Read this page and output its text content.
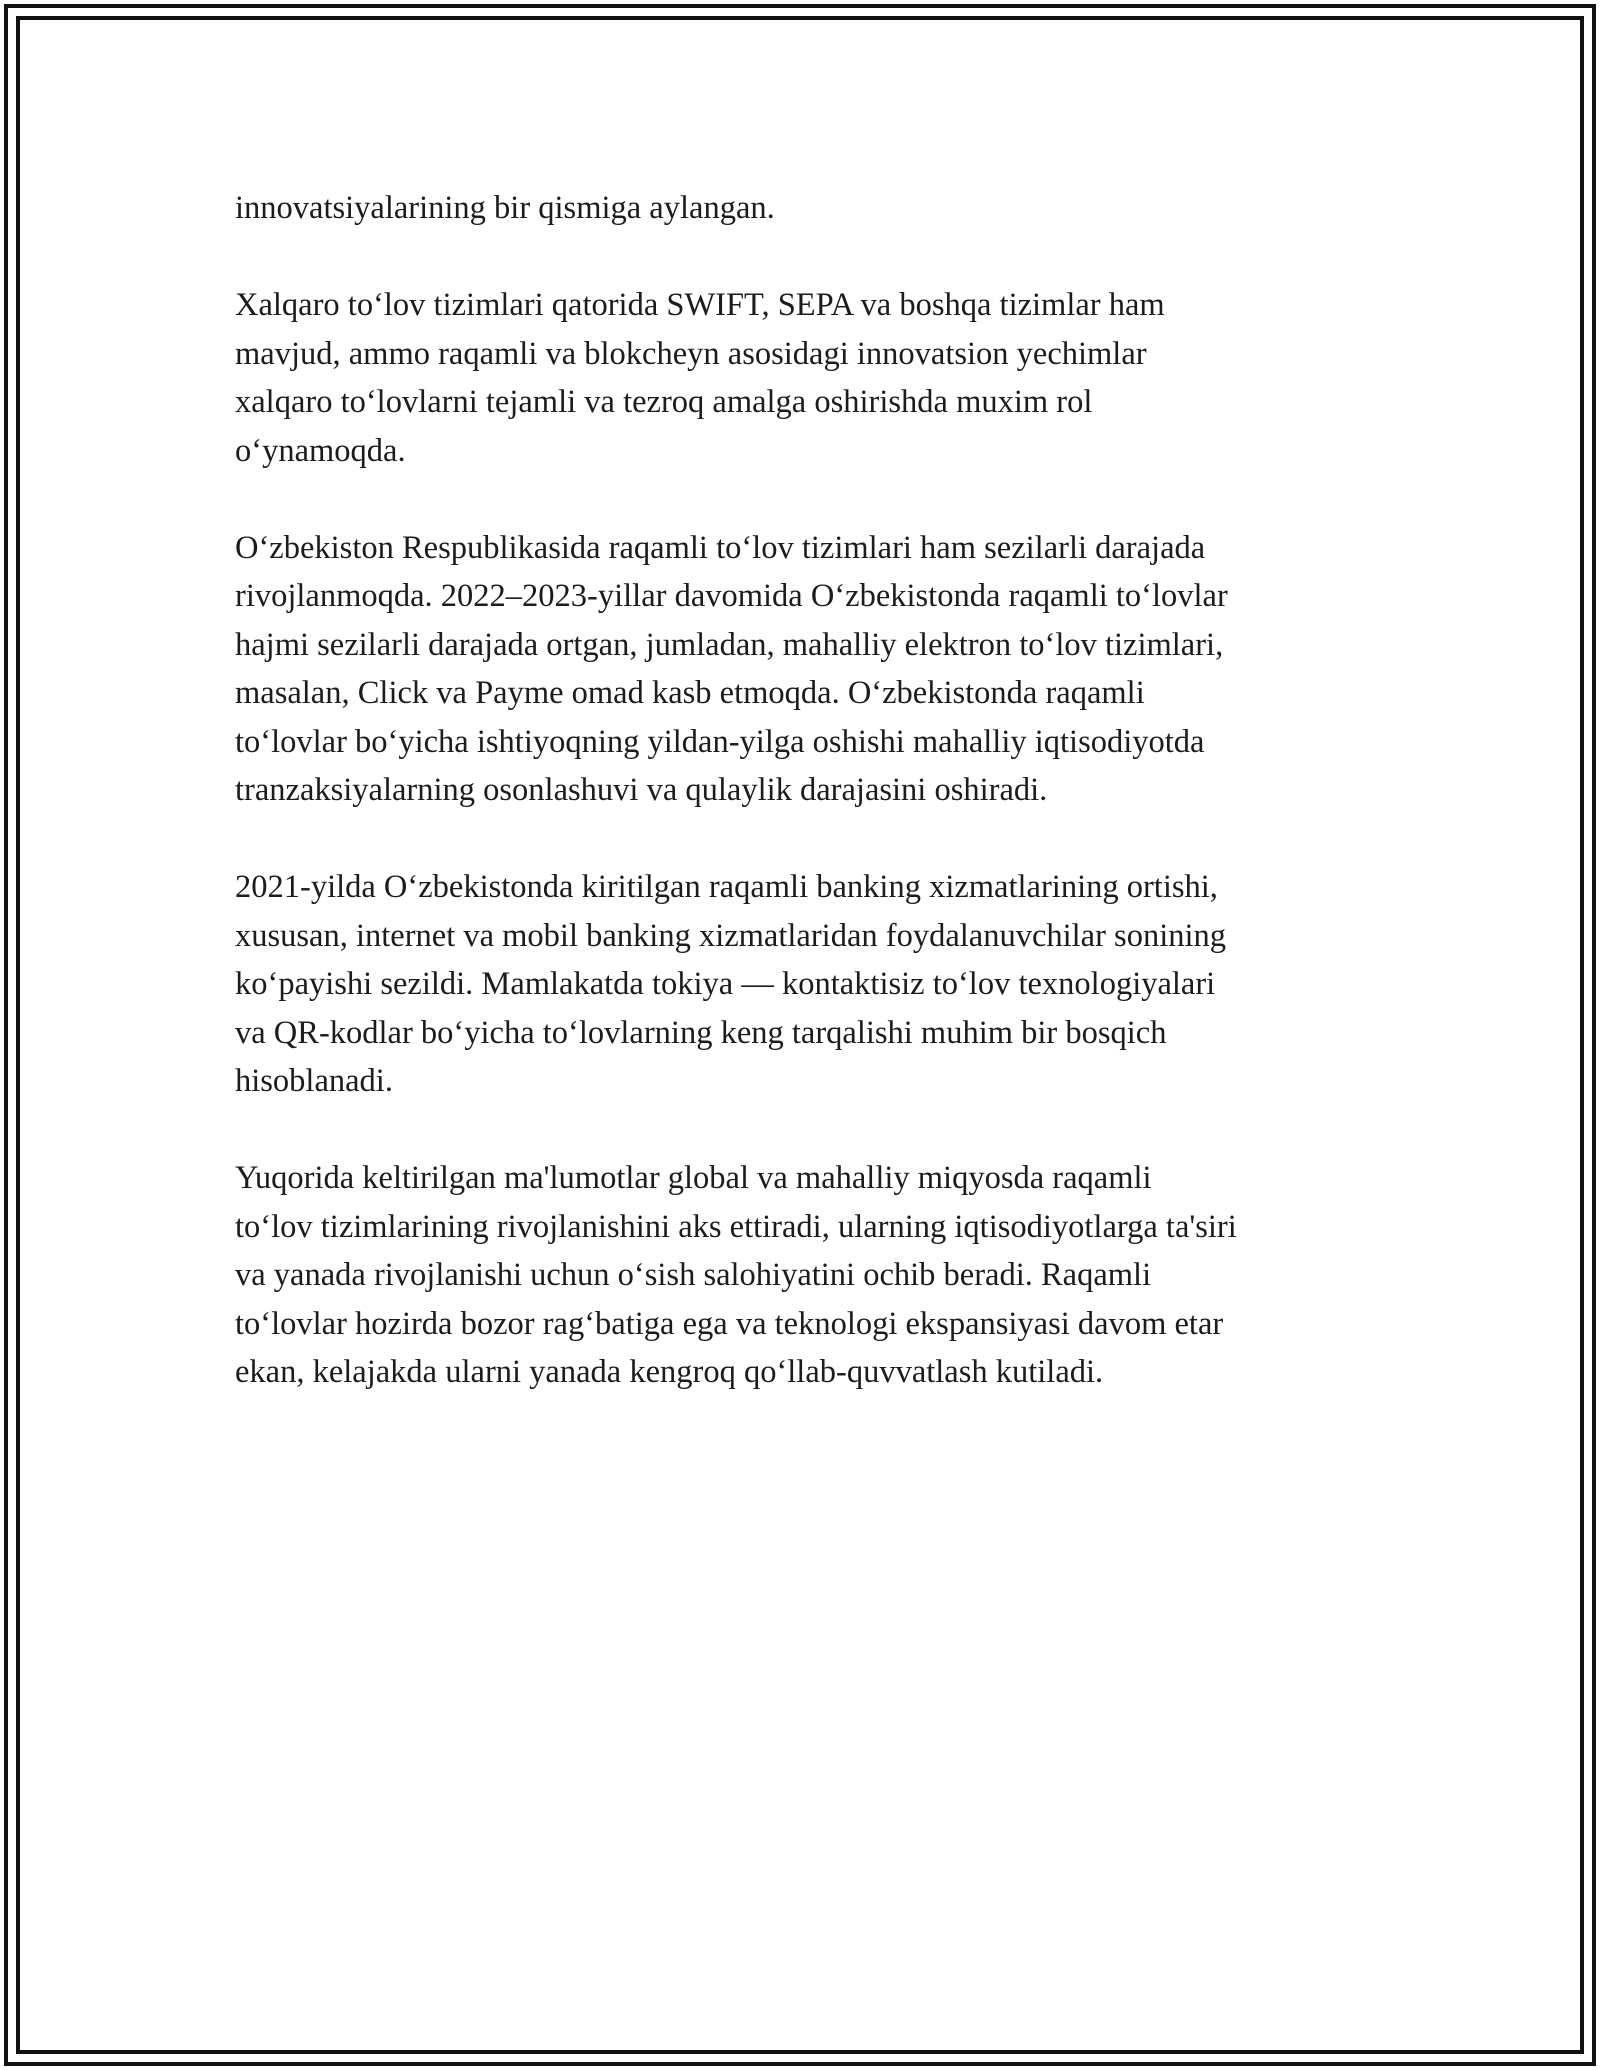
innovatsiyalarining bir qismiga aylangan.

Xalqaro to‘lov tizimlari qatorida SWIFT, SEPA va boshqa tizimlar ham
mavjud, ammo raqamli va blokcheyn asosidagi innovatsion yechimlar
xalqaro to‘lovlarni tejamli va tezroq amalga oshirishda muxim rol
o‘ynamoqda.

O‘zbekiston Respublikasida raqamli to‘lov tizimlari ham sezilarli darajada
rivojlanmoqda. 2022–2023-yillar davomida O‘zbekistonda raqamli to‘lovlar
hajmi sezilarli darajada ortgan, jumladan, mahalliy elektron to‘lov tizimlari,
masalan, Click va Payme omad kasb etmoqda. O‘zbekistonda raqamli
to‘lovlar bo‘yicha ishtiyoqning yildan-yilga oshishi mahalliy iqtisodiyotda
tranzaksiyalarning osonlashuvi va qulaylik darajasini oshiradi.

2021-yilda O‘zbekistonda kiritilgan raqamli banking xizmatlarining ortishi,
xususan, internet va mobil banking xizmatlaridan foydalanuvchilar sonining
ko‘payishi sezildi. Mamlakatda tokiya — kontaktisiz to‘lov texnologiyalari
va QR-kodlar bo‘yicha to‘lovlarning keng tarqalishi muhim bir bosqich
hisoblanadi.

Yuqorida keltirilgan ma'lumotlar global va mahalliy miqyosda raqamli
to‘lov tizimlarining rivojlanishini aks ettiradi, ularning iqtisodiyotlarga ta'siri
va yanada rivojlanishi uchun o‘sish salohiyatini ochib beradi. Raqamli
to‘lovlar hozirda bozor rag‘batiga ega va teknologi ekspansiyasi davom etar
ekan, kelajakda ularni yanada kengroq qo‘llab-quvvatlash kutiladi.
